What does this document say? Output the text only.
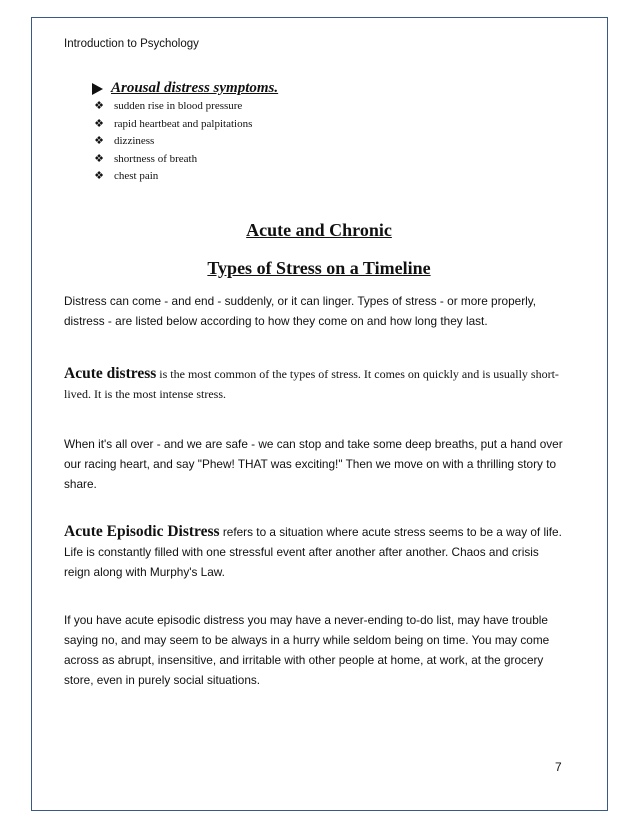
Introduction to Psychology
Arousal distress symptoms.
❖ sudden rise in blood pressure
❖ rapid heartbeat and palpitations
❖ dizziness
❖ shortness of breath
❖ chest pain
Acute and Chronic
Types of Stress on a Timeline

Distress can come - and end - suddenly, or it can linger. Types of stress - or more properly, distress - are listed below according to how they come on and how long they last.

Acute distress is the most common of the types of stress. It comes on quickly and is usually short-lived. It is the most intense stress.

When it's all over - and we are safe - we can stop and take some deep breaths, put a hand over our racing heart, and say "Phew! THAT was exciting!" Then we move on with a thrilling story to share.

Acute Episodic Distress refers to a situation where acute stress seems to be a way of life. Life is constantly filled with one stressful event after another after another. Chaos and crisis reign along with Murphy's Law.

If you have acute episodic distress you may have a never-ending to-do list, may have trouble saying no, and may seem to be always in a hurry while seldom being on time. You may come across as abrupt, insensitive, and irritable with other people at home, at work, at the grocery store, even in purely social situations.

7
